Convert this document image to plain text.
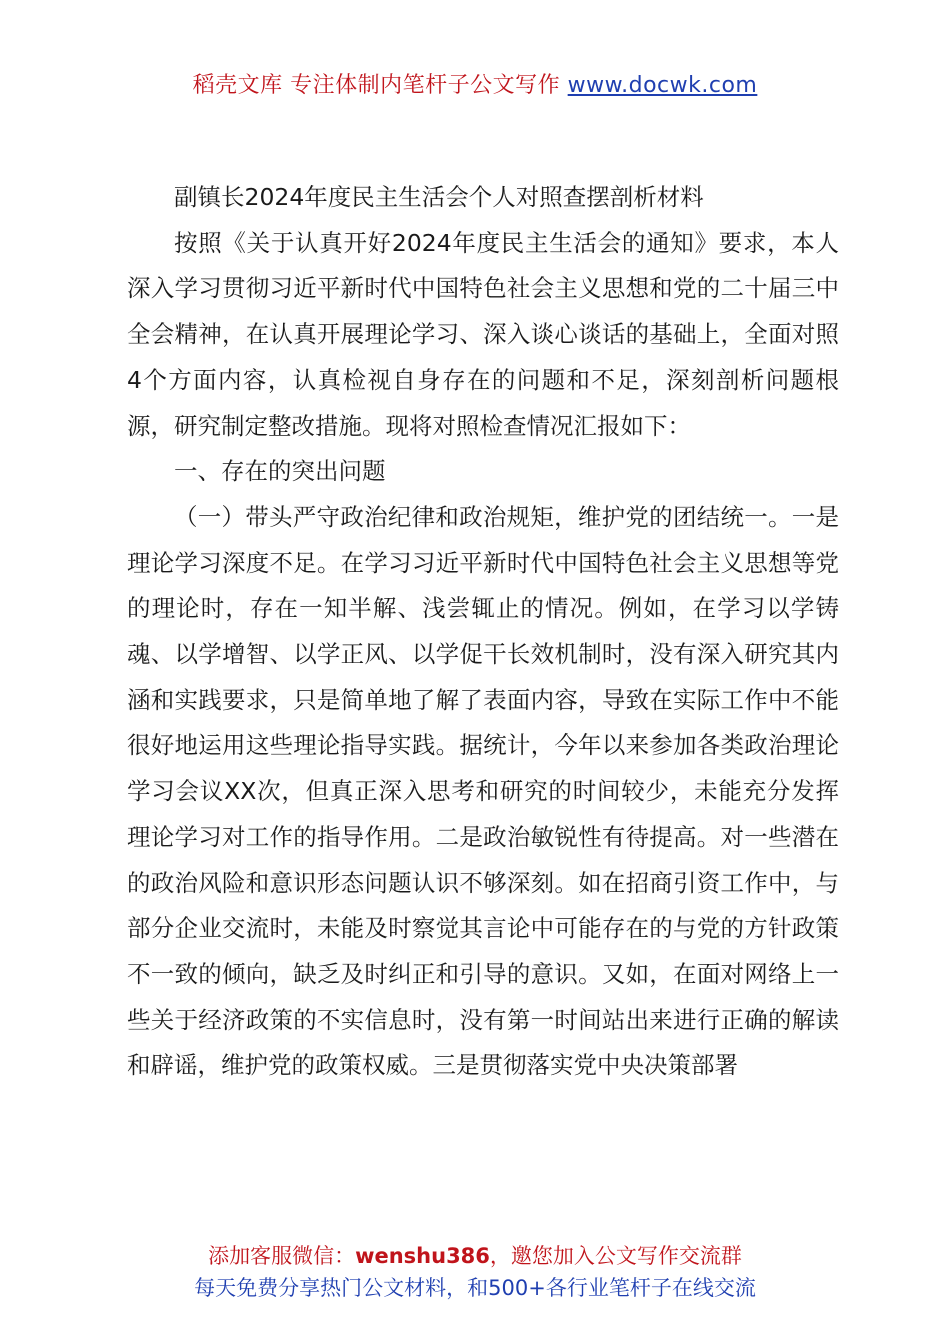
稻壳文库 专注体制内笔杆子公文写作 www.docwk.com

副镇长2024年度民主生活会个人对照查摆剖析材料

按照《关于认真开好2024年度民主生活会的通知》要求，本人深入学习贯彻习近平新时代中国特色社会主义思想和党的二十届三中全会精神，在认真开展理论学习、深入谈心谈话的基础上，全面对照4个方面内容，认真检视自身存在的问题和不足，深刻剖析问题根源，研究制定整改措施。现将对照检查情况汇报如下：

一、存在的突出问题

（一）带头严守政治纪律和政治规矩，维护党的团结统一。一是理论学习深度不足。在学习习近平新时代中国特色社会主义思想等党的理论时，存在一知半解、浅尝辄止的情况。例如，在学习以学铸魂、以学增智、以学正风、以学促干长效机制时，没有深入研究其内涵和实践要求，只是简单地了解了表面内容，导致在实际工作中不能很好地运用这些理论指导实践。据统计，今年以来参加各类政治理论学习会议XX次，但真正深入思考和研究的时间较少，未能充分发挥理论学习对工作的指导作用。二是政治敏锐性有待提高。对一些潜在的政治风险和意识形态问题认识不够深刻。如在招商引资工作中，与部分企业交流时，未能及时察觉其言论中可能存在的与党的方针政策不一致的倾向，缺乏及时纠正和引导的意识。又如，在面对网络上一些关于经济政策的不实信息时，没有第一时间站出来进行正确的解读和辟谣，维护党的政策权威。三是贯彻落实党中央决策部署

添加客服微信：wenshu386，邀您加入公文写作交流群
每天免费分享热门公文材料，和500+各行业笔杆子在线交流
